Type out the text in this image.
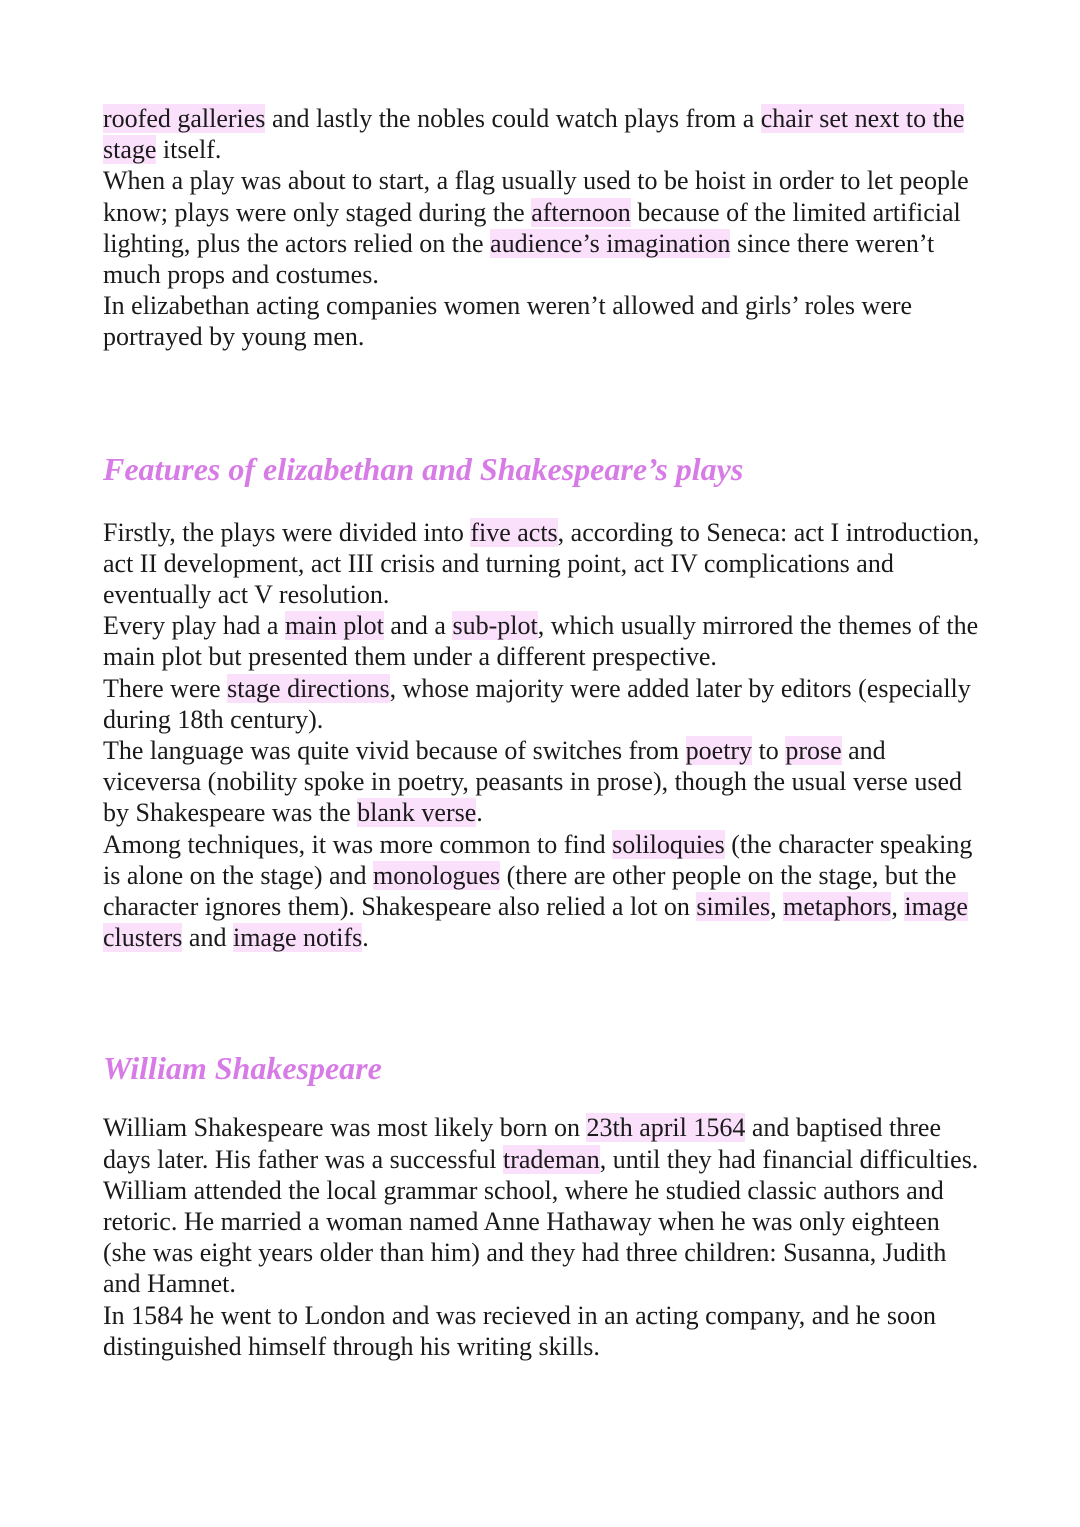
roofed galleries and lastly the nobles could watch plays from a chair set next to the stage itself.

When a play was about to start, a flag usually used to be hoist in order to let people know; plays were only staged during the afternoon because of the limited artificial lighting, plus the actors relied on the audience’s imagination since there weren’t much props and costumes.

In elizabethan acting companies women weren’t allowed and girls’ roles were portrayed by young men.

Features of elizabethan and Shakespeare’s plays

Firstly, the plays were divided into five acts, according to Seneca: act I introduction, act II development, act III crisis and turning point, act IV complications and eventually act V resolution.

Every play had a main plot and a sub-plot, which usually mirrored the themes of the main plot but presented them under a different prespective.

There were stage directions, whose majority were added later by editors (especially during 18th century).

The language was quite vivid because of switches from poetry to prose and viceversa (nobility spoke in poetry, peasants in prose), though the usual verse used by Shakespeare was the blank verse.

Among techniques, it was more common to find soliloquies (the character speaking is alone on the stage) and monologues (there are other people on the stage, but the character ignores them). Shakespeare also relied a lot on similes, metaphors, image clusters and image notifs.

William Shakespeare

William Shakespeare was most likely born on 23th april 1564 and baptised three days later. His father was a successful trademan, until they had financial difficulties. William attended the local grammar school, where he studied classic authors and retoric. He married a woman named Anne Hathaway when he was only eighteen (she was eight years older than him) and they had three children: Susanna, Judith and Hamnet.

In 1584 he went to London and was recieved in an acting company, and he soon distinguished himself through his writing skills.
